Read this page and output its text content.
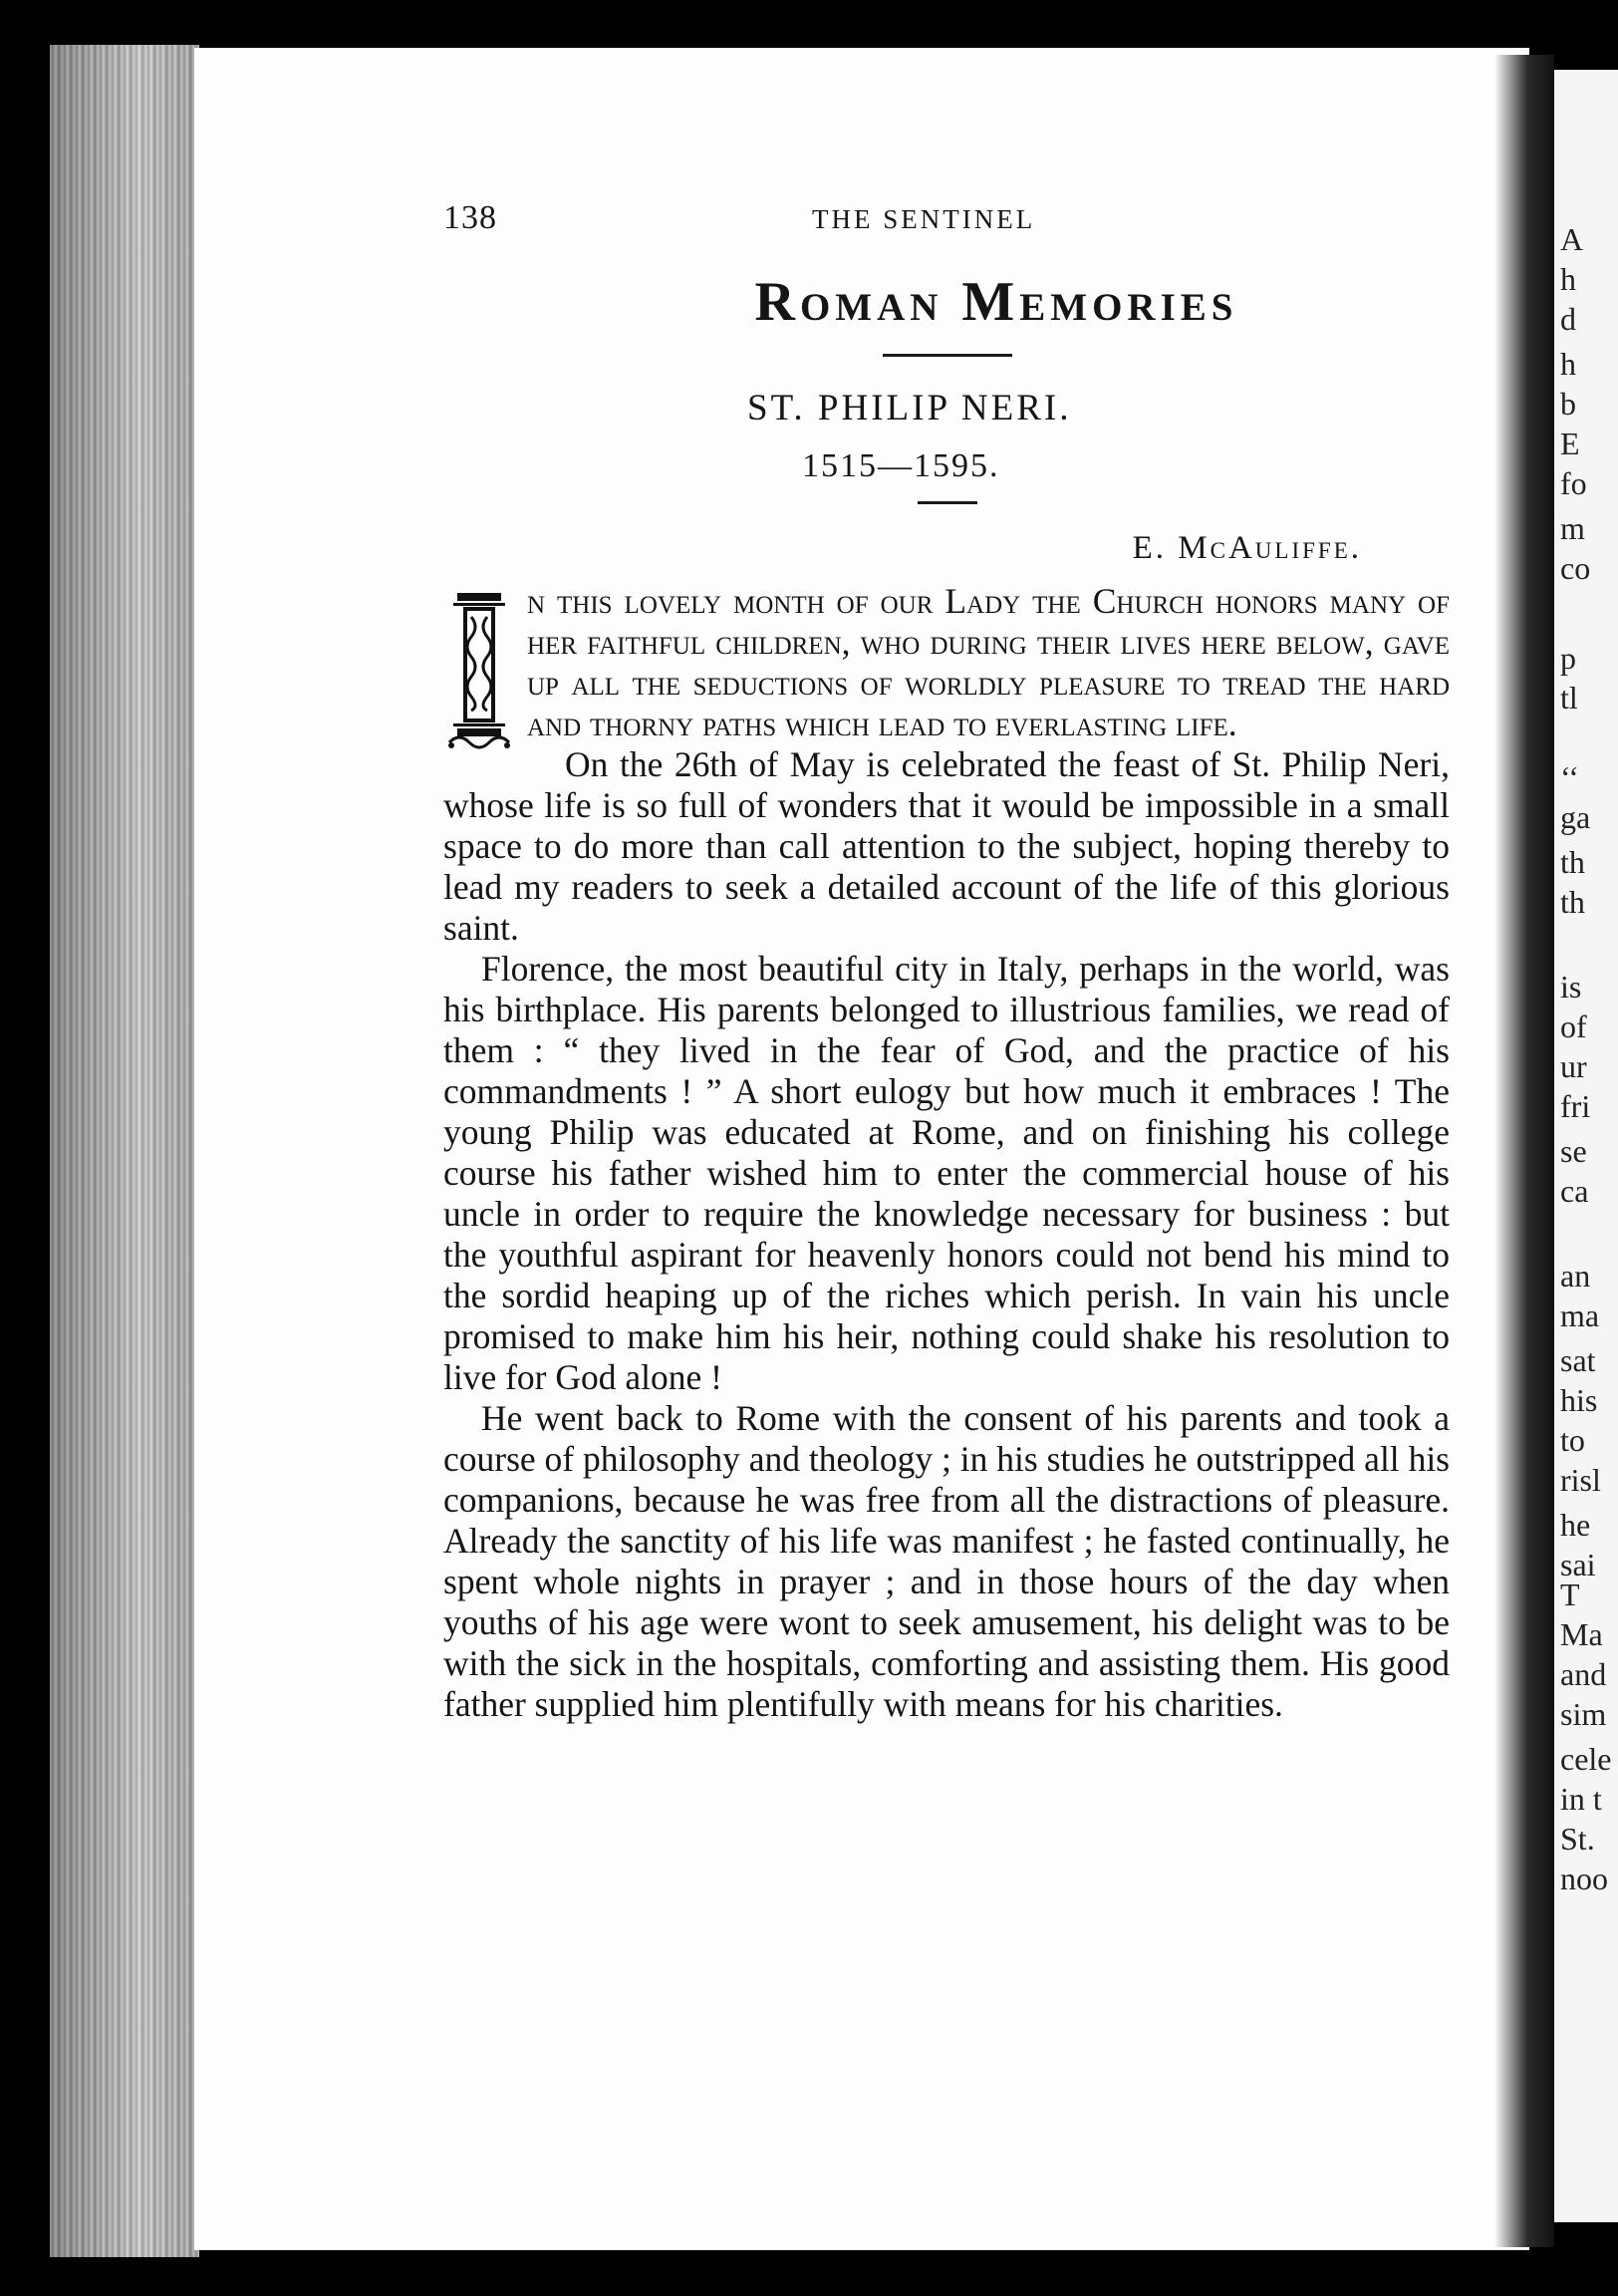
A
h
d
h
b
E
fo
m
co
p
tl
‘‘
ga
th
th
is
of
ur
fri
se
ca
an
ma
sat
his
to
risl
he
sai
T
Ma
and
sim
cele
in t
St.
noo
138	THE SENTINEL
Roman Memories
ST. PHILIP NERI.
1515—1595.
E. McAuliffe.

n this lovely month of our Lady the Church honors many of her faithful children, who during their lives here below, gave up all the seductions of worldly pleasure to tread the hard and thorny paths which lead to everlasting life.

On the 26th of May is celebrated the feast of St. Philip Neri, whose life is so full of wonders that it would be impossible in a small space to do more than call attention to the subject, hoping thereby to lead my readers to seek a detailed account of the life of this glorious saint.

Florence, the most beautiful city in Italy, perhaps in the world, was his birthplace. His parents belonged to illustrious families, we read of them : “ they lived in the fear of God, and the practice of his commandments ! ” A short eulogy but how much it embraces ! The young Philip was educated at Rome, and on finishing his college course his father wished him to enter the commercial house of his uncle in order to require the knowledge necessary for business : but the youthful aspirant for heavenly honors could not bend his mind to the sordid heaping up of the riches which perish. In vain his uncle promised to make him his heir, nothing could shake his resolution to live for God alone !

He went back to Rome with the consent of his parents and took a course of philosophy and theology ; in his studies he outstripped all his companions, because he was free from all the distractions of pleasure. Already the sanctity of his life was manifest ; he fasted continually, he spent whole nights in prayer ; and in those hours of the day when youths of his age were wont to seek amusement, his delight was to be with the sick in the hospitals, comforting and assisting them. His good father supplied him plentifully with means for his charities.
